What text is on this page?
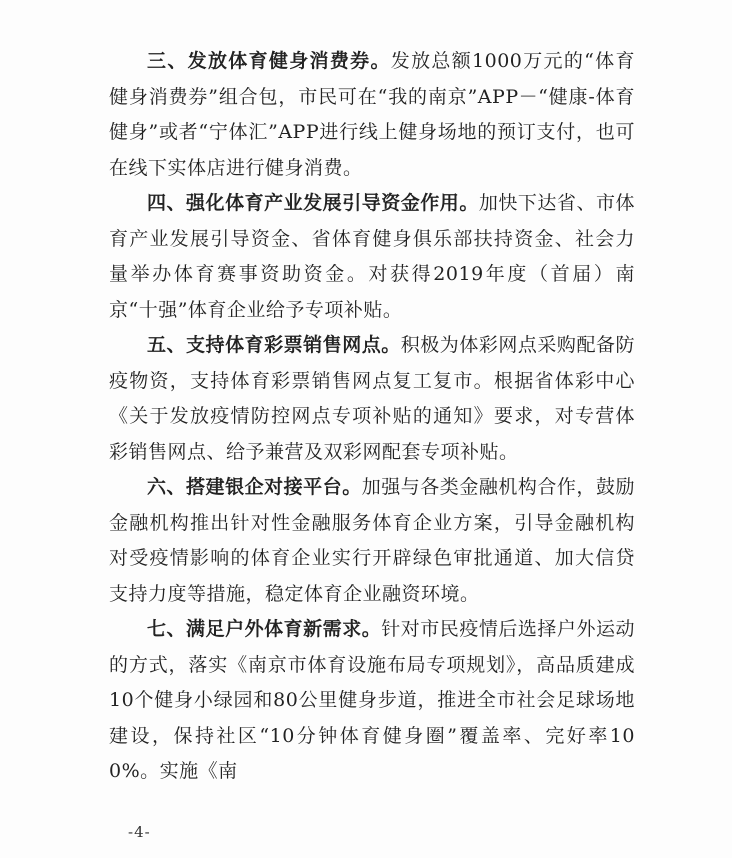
三、发放体育健身消费券。发放总额1000万元的“体育健身消费券”组合包，市民可在“我的南京”APP－“健康-体育健身”或者“宁体汇”APP进行线上健身场地的预订支付，也可在线下实体店进行健身消费。

四、强化体育产业发展引导资金作用。加快下达省、市体育产业发展引导资金、省体育健身俱乐部扶持资金、社会力量举办体育赛事资助资金。对获得2019年度（首届）南京“十强”体育企业给予专项补贴。

五、支持体育彩票销售网点。积极为体彩网点采购配备防疫物资，支持体育彩票销售网点复工复市。根据省体彩中心《关于发放疫情防控网点专项补贴的通知》要求，对专营体彩销售网点、给予兼营及双彩网配套专项补贴。

六、搭建银企对接平台。加强与各类金融机构合作，鼓励金融机构推出针对性金融服务体育企业方案，引导金融机构对受疫情影响的体育企业实行开辟绿色审批通道、加大信贷支持力度等措施，稳定体育企业融资环境。

七、满足户外体育新需求。针对市民疫情后选择户外运动的方式，落实《南京市体育设施布局专项规划》，高品质建成10个健身小绿园和80公里健身步道，推进全市社会足球场地建设，保持社区“10分钟体育健身圈”覆盖率、完好率100%。实施《南

-4-
